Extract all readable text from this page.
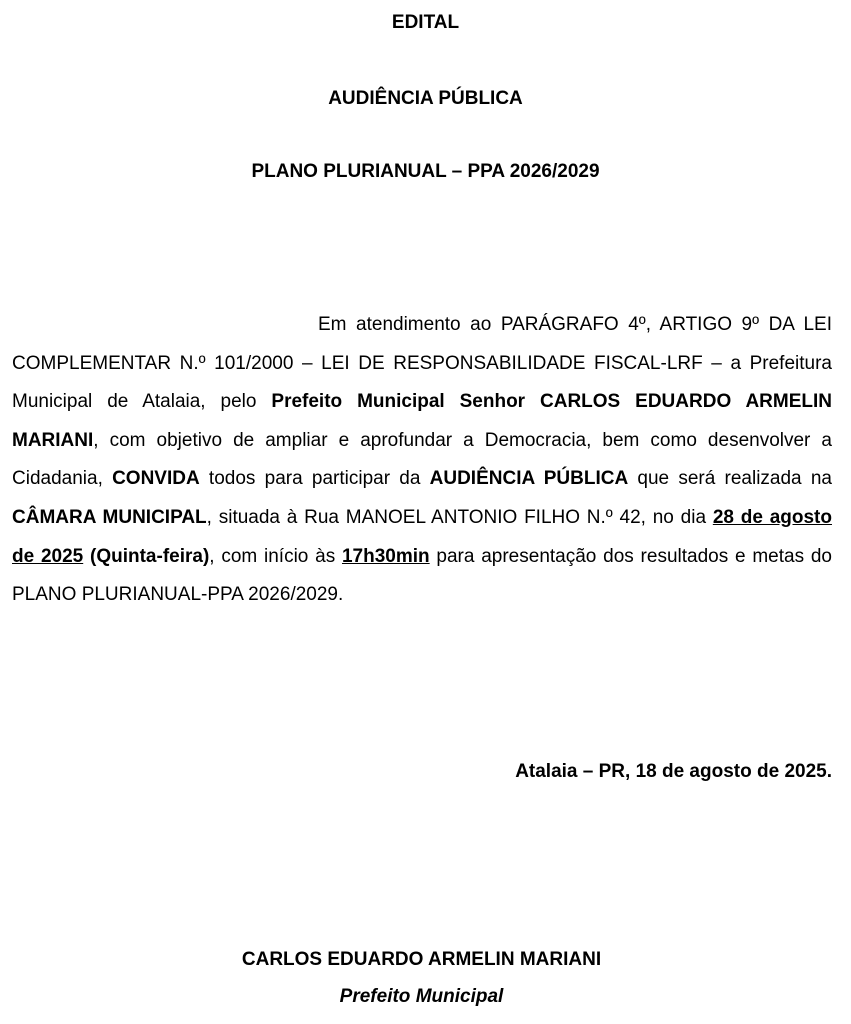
EDITAL

AUDIÊNCIA PÚBLICA

PLANO PLURIANUAL – PPA 2026/2029

Em atendimento ao PARÁGRAFO 4º, ARTIGO 9º DA LEI COMPLEMENTAR N.º 101/2000 – LEI DE RESPONSABILIDADE FISCAL-LRF – a Prefeitura Municipal de Atalaia, pelo Prefeito Municipal Senhor CARLOS EDUARDO ARMELIN MARIANI, com objetivo de ampliar e aprofundar a Democracia, bem como desenvolver a Cidadania, CONVIDA todos para participar da AUDIÊNCIA PÚBLICA que será realizada na CÂMARA MUNICIPAL, situada à Rua MANOEL ANTONIO FILHO N.º 42, no dia 28 de agosto de 2025 (Quinta-feira), com início às 17h30min para apresentação dos resultados e metas do PLANO PLURIANUAL-PPA 2026/2029.

Atalaia – PR, 18 de agosto de 2025.

CARLOS EDUARDO ARMELIN MARIANI

Prefeito Municipal
